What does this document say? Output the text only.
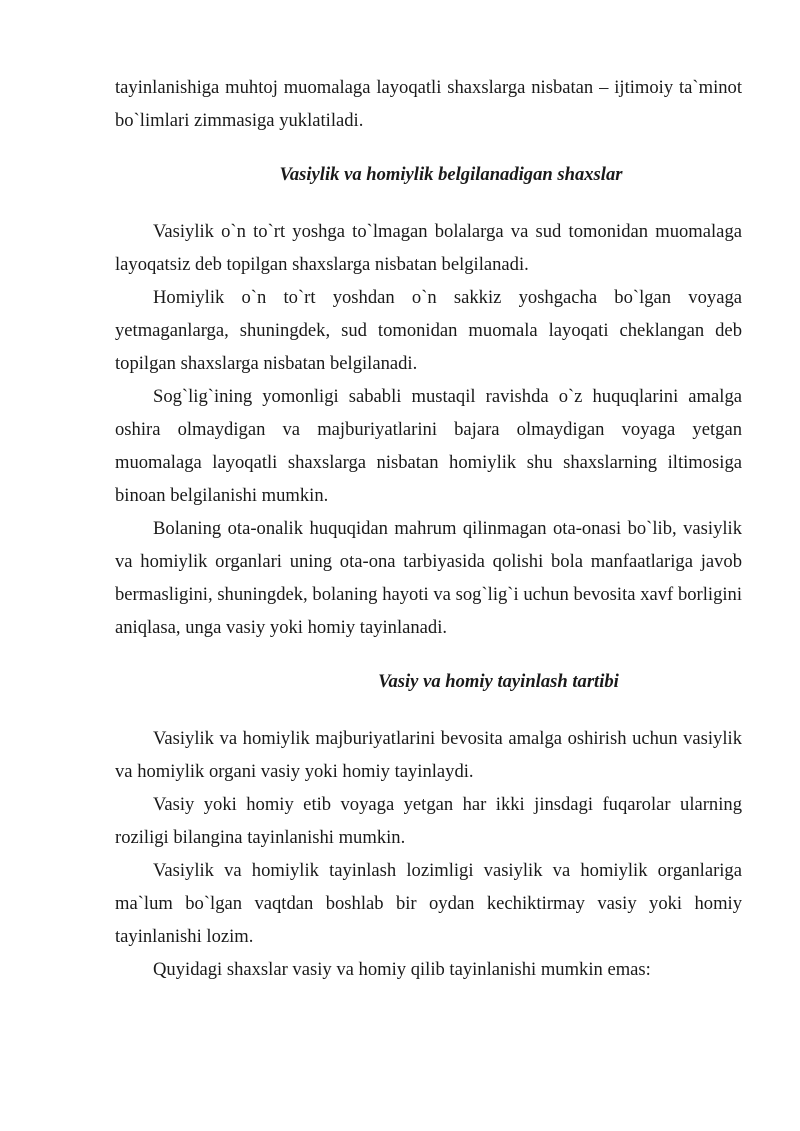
tayinlanishiga muhtoj muomalaga layoqatli shaxslarga nisbatan – ijtimoiy ta`minot bo`limlari zimmasiga yuklatiladi.

Vasiylik va homiylik belgilanadigan shaxslar

Vasiylik o`n to`rt yoshga to`lmagan bolalarga va sud tomonidan muomalaga layoqatsiz deb topilgan shaxslarga nisbatan belgilanadi.

Homiylik o`n to`rt yoshdan o`n sakkiz yoshgacha bo`lgan voyaga yetmaganlarga, shuningdek, sud tomonidan muomala layoqati cheklangan deb topilgan shaxslarga nisbatan belgilanadi.

Sog`lig`ining yomonligi sababli mustaqil ravishda o`z huquqlarini amalga oshira olmaydigan va majburiyatlarini bajara olmaydigan voyaga yetgan muomalaga layoqatli shaxslarga nisbatan homiylik shu shaxslarning iltimosiga binoan belgilanishi mumkin.

Bolaning ota-onalik huquqidan mahrum qilinmagan ota-onasi bo`lib, vasiylik va homiylik organlari uning ota-ona tarbiyasida qolishi bola manfaatlariga javob bermasligini, shuningdek, bolaning hayoti va sog`lig`i uchun bevosita xavf borligini aniqlasa, unga vasiy yoki homiy tayinlanadi.

Vasiy va homiy tayinlash tartibi

Vasiylik va homiylik majburiyatlarini bevosita amalga oshirish uchun vasiylik va homiylik organi vasiy yoki homiy tayinlaydi.

Vasiy yoki homiy etib voyaga yetgan har ikki jinsdagi fuqarolar ularning roziligi bilangina tayinlanishi mumkin.

Vasiylik va homiylik tayinlash lozimligi vasiylik va homiylik organlariga ma`lum bo`lgan vaqtdan boshlab bir oydan kechiktirmay vasiy yoki homiy tayinlanishi lozim.

Quyidagi shaxslar vasiy va homiy qilib tayinlanishi mumkin emas:
